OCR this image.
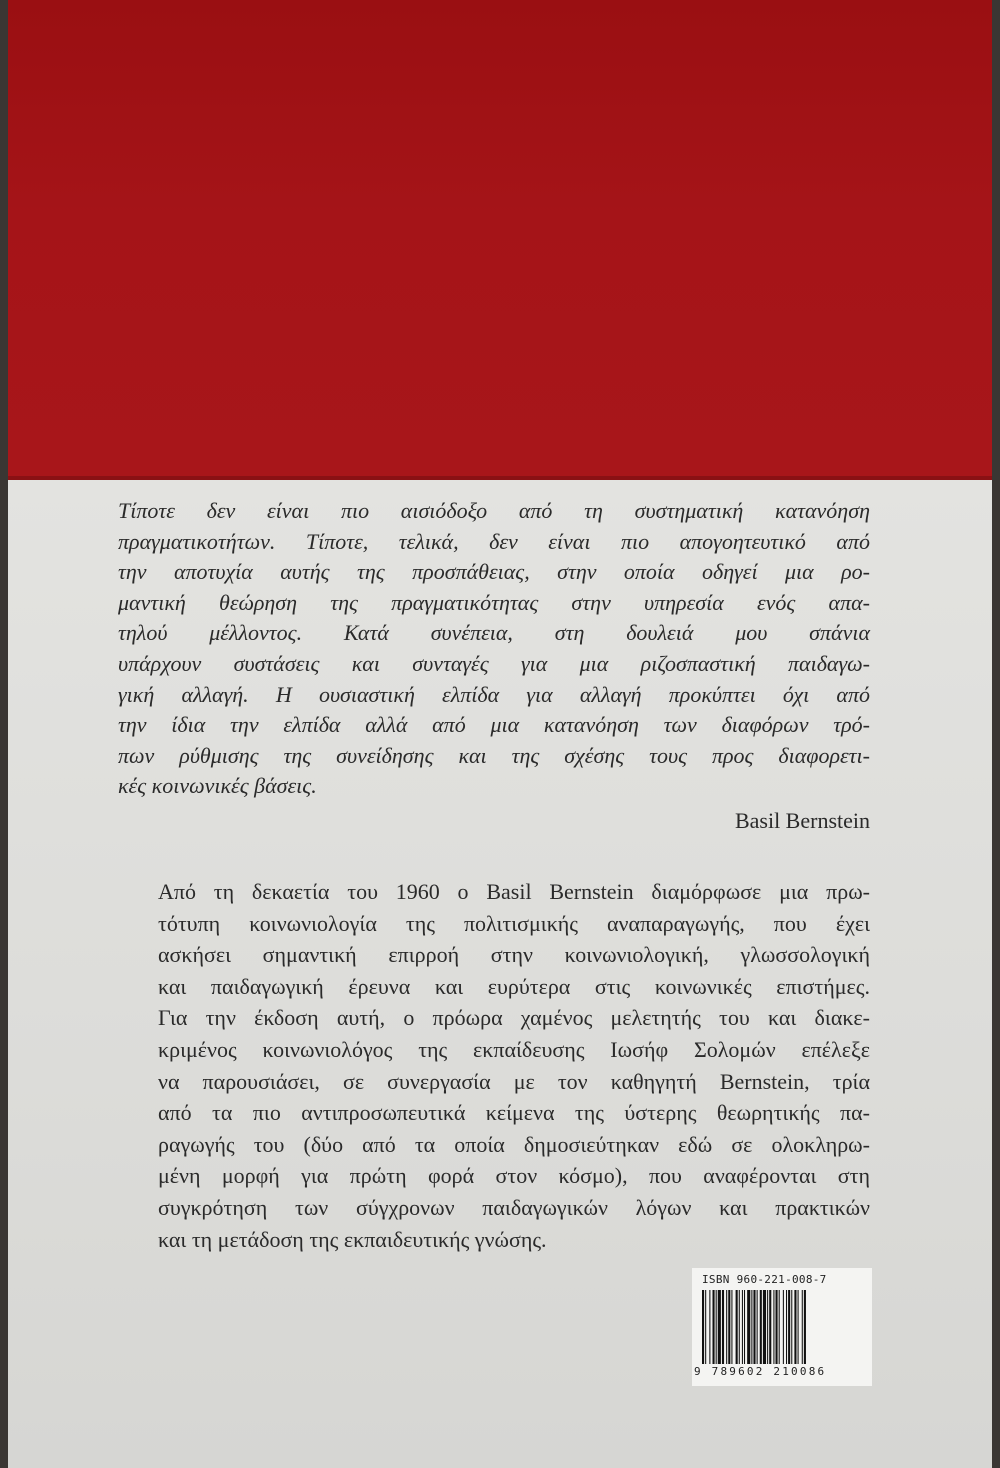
Τίποτε δεν είναι πιο αισιόδοξο από τη συστηματική κατανόηση
πραγματικοτήτων. Τίποτε, τελικά, δεν είναι πιο απογοητευτικό από
την αποτυχία αυτής της προσπάθειας, στην οποία οδηγεί μια ρο-
μαντική θεώρηση της πραγματικότητας στην υπηρεσία ενός απα-
τηλού μέλλοντος. Κατά συνέπεια, στη δουλειά μου σπάνια
υπάρχουν συστάσεις και συνταγές για μια ριζοσπαστική παιδαγω-
γική αλλαγή. Η ουσιαστική ελπίδα για αλλαγή προκύπτει όχι από
την ίδια την ελπίδα αλλά από μια κατανόηση των διαφόρων τρό-
πων ρύθμισης της συνείδησης και της σχέσης τους προς διαφορετι-
κές κοινωνικές βάσεις.
Basil Bernstein
Από τη δεκαετία του 1960 ο Basil Bernstein διαμόρφωσε μια πρω-
τότυπη κοινωνιολογία της πολιτισμικής αναπαραγωγής, που έχει
ασκήσει σημαντική επιρροή στην κοινωνιολογική, γλωσσολογική
και παιδαγωγική έρευνα και ευρύτερα στις κοινωνικές επιστήμες.
Για την έκδοση αυτή, ο πρόωρα χαμένος μελετητής του και διακε-
κριμένος κοινωνιολόγος της εκπαίδευσης Ιωσήφ Σολομών επέλεξε
να παρουσιάσει, σε συνεργασία με τον καθηγητή Bernstein, τρία
από τα πιο αντιπροσωπευτικά κείμενα της ύστερης θεωρητικής πα-
ραγωγής του (δύο από τα οποία δημοσιεύτηκαν εδώ σε ολοκληρω-
μένη μορφή για πρώτη φορά στον κόσμο), που αναφέρονται στη
συγκρότηση των σύγχρονων παιδαγωγικών λόγων και πρακτικών
και τη μετάδοση της εκπαιδευτικής γνώσης.
ISBN 960-221-008-7
9 789602 210086
